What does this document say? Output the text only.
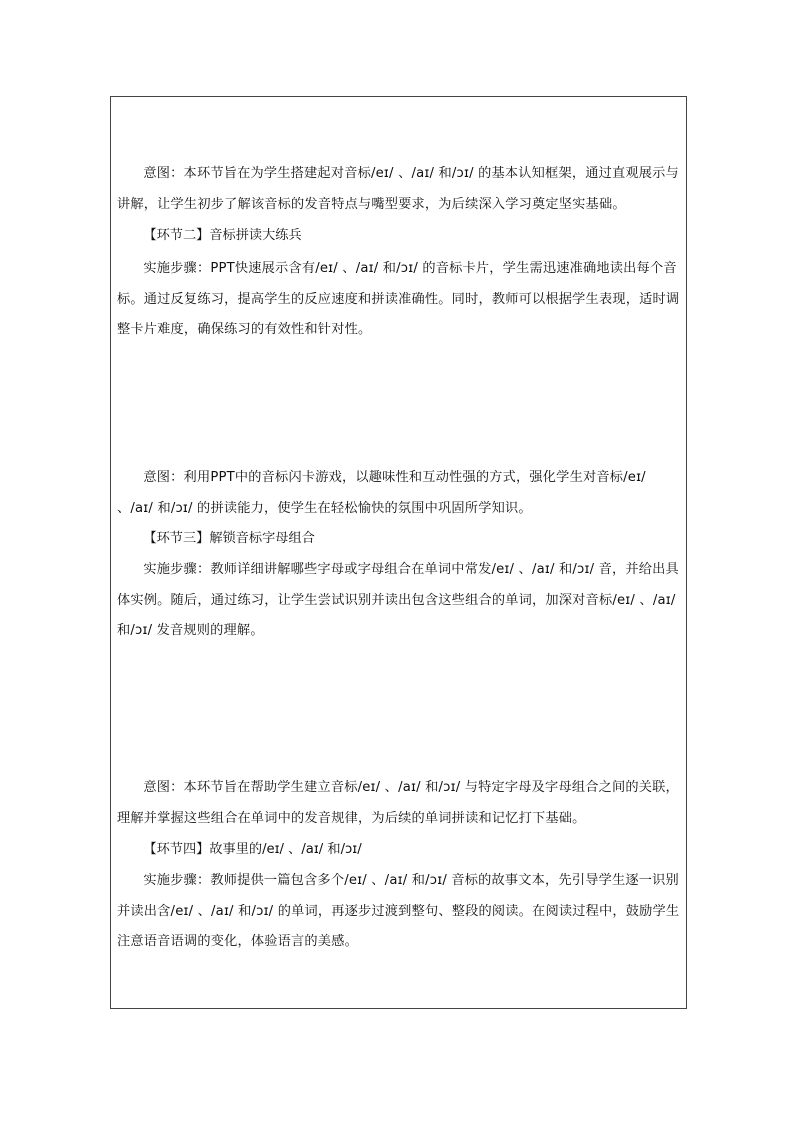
意图：本环节旨在为学生搭建起对音标/eɪ/ 、/aɪ/ 和/ɔɪ/ 的基本认知框架，通过直观展示与讲解，让学生初步了解该音标的发音特点与嘴型要求，为后续深入学习奠定坚实基础。

【环节二】音标拼读大练兵

实施步骤：PPT快速展示含有/eɪ/ 、/aɪ/ 和/ɔɪ/ 的音标卡片，学生需迅速准确地读出每个音标。通过反复练习，提高学生的反应速度和拼读准确性。同时，教师可以根据学生表现，适时调整卡片难度，确保练习的有效性和针对性。

意图：利用PPT中的音标闪卡游戏，以趣味性和互动性强的方式，强化学生对音标/eɪ/ 、/aɪ/ 和/ɔɪ/ 的拼读能力，使学生在轻松愉快的氛围中巩固所学知识。

【环节三】解锁音标字母组合

实施步骤：教师详细讲解哪些字母或字母组合在单词中常发/eɪ/ 、/aɪ/ 和/ɔɪ/ 音，并给出具体实例。随后，通过练习，让学生尝试识别并读出包含这些组合的单词，加深对音标/eɪ/ 、/aɪ/ 和/ɔɪ/ 发音规则的理解。

意图：本环节旨在帮助学生建立音标/eɪ/ 、/aɪ/ 和/ɔɪ/ 与特定字母及字母组合之间的关联，理解并掌握这些组合在单词中的发音规律，为后续的单词拼读和记忆打下基础。

【环节四】故事里的/eɪ/ 、/aɪ/ 和/ɔɪ/

实施步骤：教师提供一篇包含多个/eɪ/ 、/aɪ/ 和/ɔɪ/ 音标的故事文本，先引导学生逐一识别并读出含/eɪ/ 、/aɪ/ 和/ɔɪ/ 的单词，再逐步过渡到整句、整段的阅读。在阅读过程中，鼓励学生注意语音语调的变化，体验语言的美感。
